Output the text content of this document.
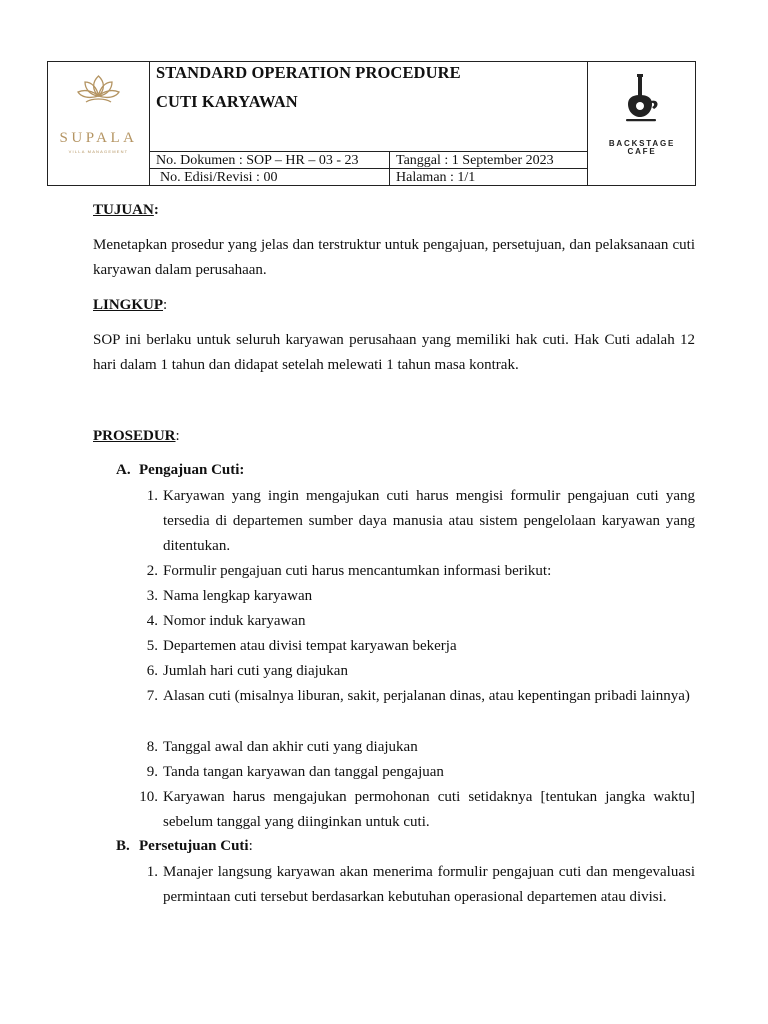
SUPALA
VILLA MANAGEMENT
STANDARD OPERATION PROCEDURE
CUTI KARYAWAN
No. Dokumen : SOP – HR – 03 - 23	Tanggal : 1 September 2023
No. Edisi/Revisi : 00	Halaman : 1/1
BACKSTAGE
CAFE
TUJUAN:
Menetapkan prosedur yang jelas dan terstruktur untuk pengajuan, persetujuan, dan pelaksanaan cuti karyawan dalam perusahaan.
LINGKUP:
SOP ini berlaku untuk seluruh karyawan perusahaan yang memiliki hak cuti. Hak Cuti adalah 12 hari dalam 1 tahun dan didapat setelah melewati 1 tahun masa kontrak.
PROSEDUR:
A. Pengajuan Cuti:
1. Karyawan yang ingin mengajukan cuti harus mengisi formulir pengajuan cuti yang tersedia di departemen sumber daya manusia atau sistem pengelolaan karyawan yang ditentukan.
2. Formulir pengajuan cuti harus mencantumkan informasi berikut:
3. Nama lengkap karyawan
4. Nomor induk karyawan
5. Departemen atau divisi tempat karyawan bekerja
6. Jumlah hari cuti yang diajukan
7. Alasan cuti (misalnya liburan, sakit, perjalanan dinas, atau kepentingan pribadi lainnya)
8. Tanggal awal dan akhir cuti yang diajukan
9. Tanda tangan karyawan dan tanggal pengajuan
10. Karyawan harus mengajukan permohonan cuti setidaknya [tentukan jangka waktu] sebelum tanggal yang diinginkan untuk cuti.
B. Persetujuan Cuti:
1. Manajer langsung karyawan akan menerima formulir pengajuan cuti dan mengevaluasi permintaan cuti tersebut berdasarkan kebutuhan operasional departemen atau divisi.
